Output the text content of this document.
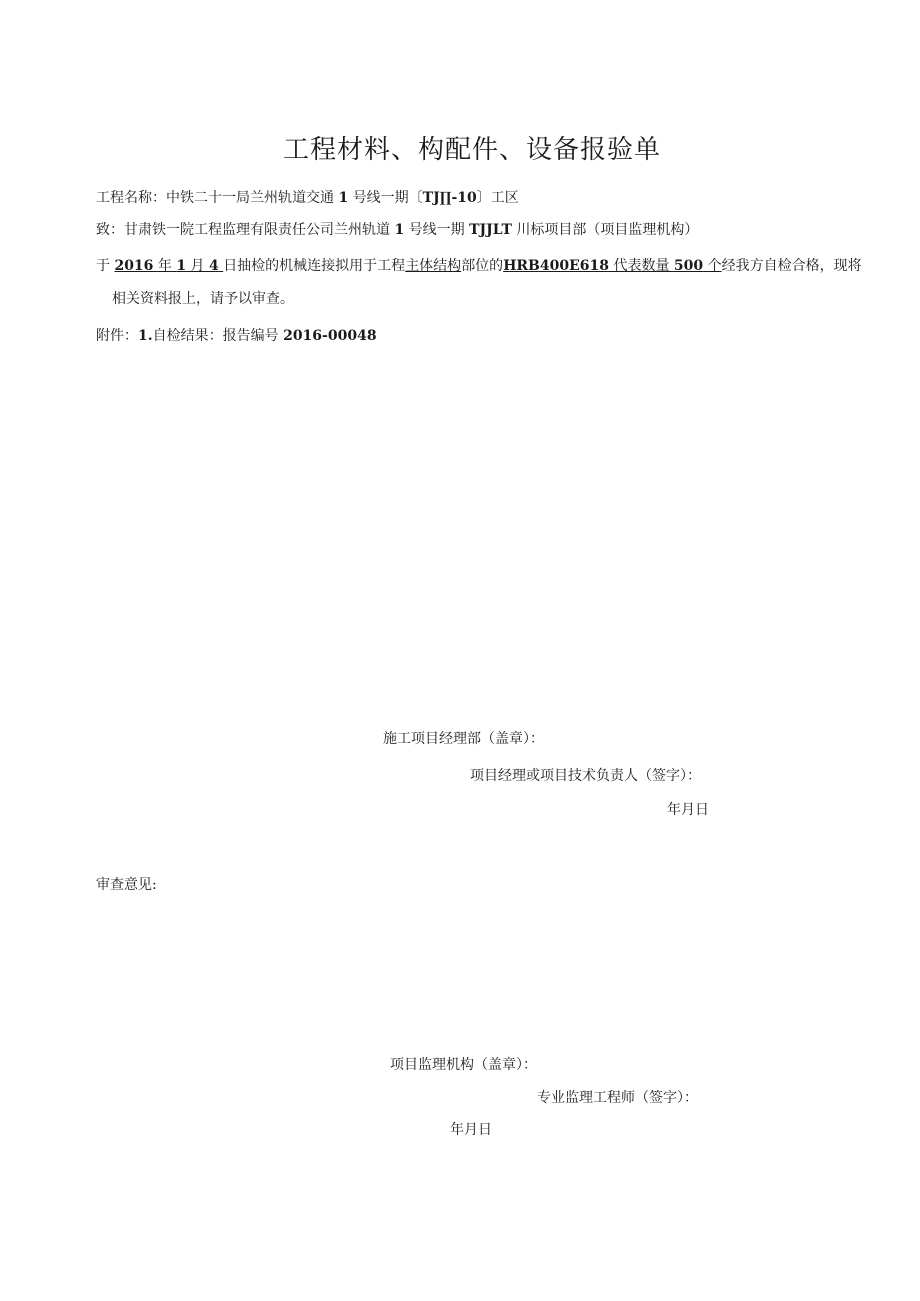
工程材料、构配件、设备报验单
工程名称：中铁二十一局兰州轨道交通 1 号线一期〔TJ∏-10〕工区
致：甘肃铁一院工程监理有限责任公司兰州轨道 1 号线一期 TJJLT 川标项目部（项目监理机构）
于 2016 年 1 月 4 日抽检的机械连接拟用于工程主体结构部位的HRB400E618 代表数量 500 个经我方自检合格，现将
相关资料报上，请予以审查。
附件：1.自检结果：报告编号 2016-00048
施工项目经理部（盖章）：
项目经理或项目技术负责人（签字）：
年月日
审查意见:
项目监理机构（盖章）：
专业监理工程师（签字）：
年月日
